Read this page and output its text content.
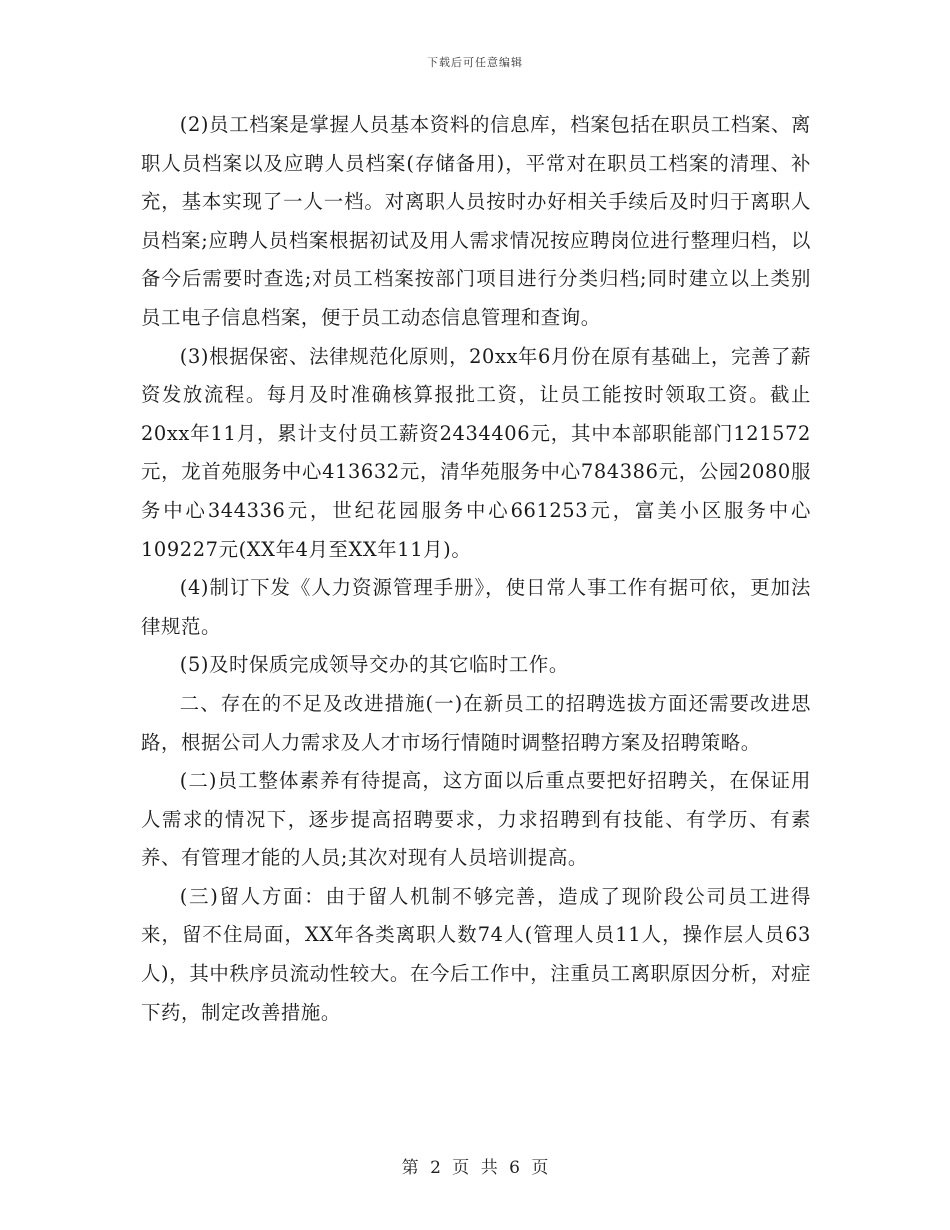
下载后可任意编辑

(2)员工档案是掌握人员基本资料的信息库，档案包括在职员工档案、离职人员档案以及应聘人员档案(存储备用)，平常对在职员工档案的清理、补充，基本实现了一人一档。对离职人员按时办好相关手续后及时归于离职人员档案;应聘人员档案根据初试及用人需求情况按应聘岗位进行整理归档，以备今后需要时查选;对员工档案按部门项目进行分类归档;同时建立以上类别员工电子信息档案，便于员工动态信息管理和查询。

(3)根据保密、法律规范化原则，20xx年6月份在原有基础上，完善了薪资发放流程。每月及时准确核算报批工资，让员工能按时领取工资。截止20xx年11月，累计支付员工薪资2434406元，其中本部职能部门121572元，龙首苑服务中心413632元，清华苑服务中心784386元，公园2080服务中心344336元，世纪花园服务中心661253元，富美小区服务中心109227元(XX年4月至XX年11月)。

(4)制订下发《人力资源管理手册》，使日常人事工作有据可依，更加法律规范。

(5)及时保质完成领导交办的其它临时工作。

二、存在的不足及改进措施(一)在新员工的招聘选拔方面还需要改进思路，根据公司人力需求及人才市场行情随时调整招聘方案及招聘策略。

(二)员工整体素养有待提高，这方面以后重点要把好招聘关，在保证用人需求的情况下，逐步提高招聘要求，力求招聘到有技能、有学历、有素养、有管理才能的人员;其次对现有人员培训提高。

(三)留人方面：由于留人机制不够完善，造成了现阶段公司员工进得来，留不住局面，XX年各类离职人数74人(管理人员11人，操作层人员63人)，其中秩序员流动性较大。在今后工作中，注重员工离职原因分析，对症下药，制定改善措施。

第 2 页 共 6 页
